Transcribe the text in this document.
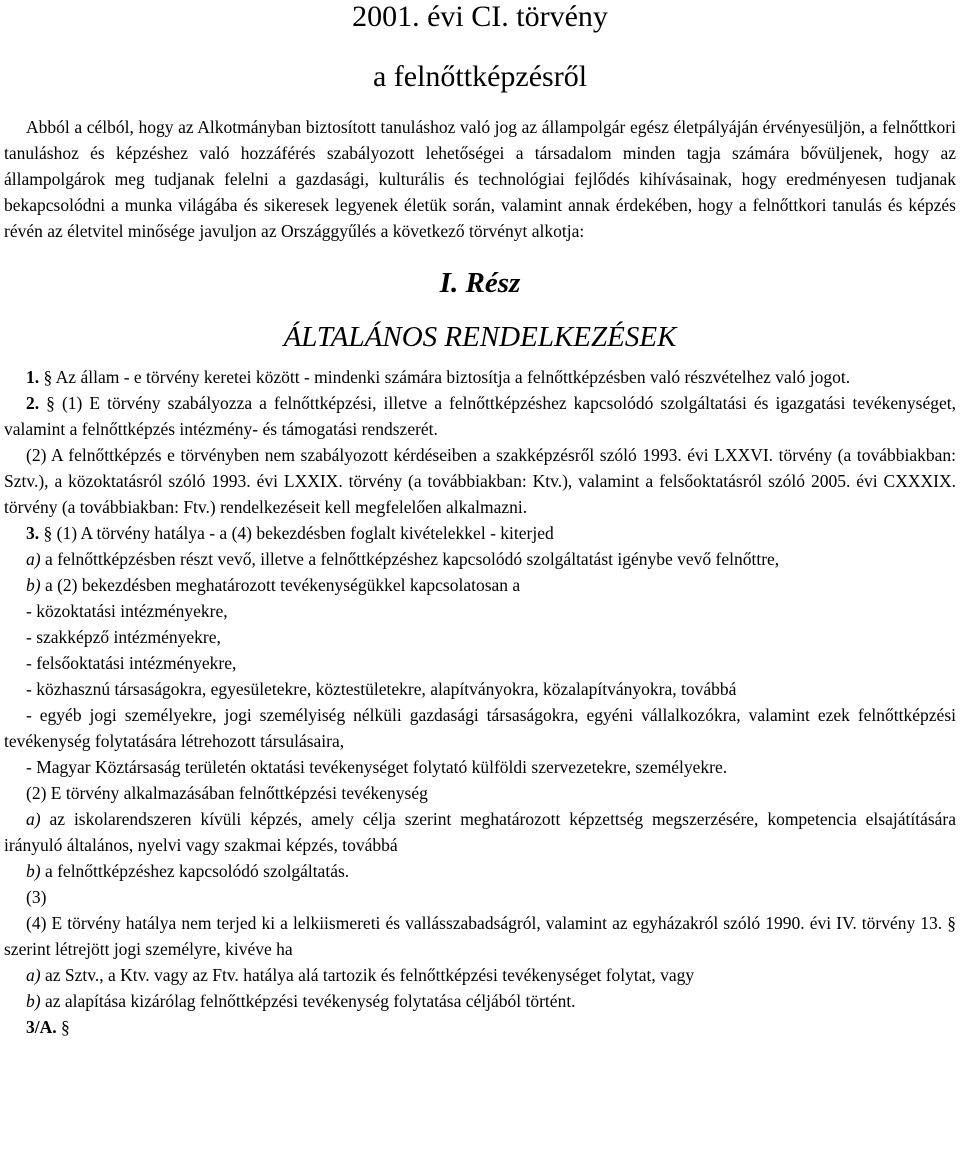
2001. évi CI. törvény
a felnőttképzésről

Abból a célból, hogy az Alkotmányban biztosított tanuláshoz való jog az állampolgár egész életpályáján érvényesüljön, a felnőttkori tanuláshoz és képzéshez való hozzáférés szabályozott lehetőségei a társadalom minden tagja számára bővüljenek, hogy az állampolgárok meg tudjanak felelni a gazdasági, kulturális és technológiai fejlődés kihívásainak, hogy eredményesen tudjanak bekapcsolódni a munka világába és sikeresek legyenek életük során, valamint annak érdekében, hogy a felnőttkori tanulás és képzés révén az életvitel minősége javuljon az Országgyűlés a következő törvényt alkotja:

I. Rész
ÁLTALÁNOS RENDELKEZÉSEK

1. § Az állam - e törvény keretei között - mindenki számára biztosítja a felnőttképzésben való részvételhez való jogot.

2. § (1) E törvény szabályozza a felnőttképzési, illetve a felnőttképzéshez kapcsolódó szolgáltatási és igazgatási tevékenységet, valamint a felnőttképzés intézmény- és támogatási rendszerét.

(2) A felnőttképzés e törvényben nem szabályozott kérdéseiben a szakképzésről szóló 1993. évi LXXVI. törvény (a továbbiakban: Sztv.), a közoktatásról szóló 1993. évi LXXIX. törvény (a továbbiakban: Ktv.), valamint a felsőoktatásról szóló 2005. évi CXXXIX. törvény (a továbbiakban: Ftv.) rendelkezéseit kell megfelelően alkalmazni.

3. § (1) A törvény hatálya - a (4) bekezdésben foglalt kivételekkel - kiterjed

a) a felnőttképzésben részt vevő, illetve a felnőttképzéshez kapcsolódó szolgáltatást igénybe vevő felnőttre,

b) a (2) bekezdésben meghatározott tevékenységükkel kapcsolatosan a

- közoktatási intézményekre,

- szakképző intézményekre,

- felsőoktatási intézményekre,

- közhasznú társaságokra, egyesületekre, köztestületekre, alapítványokra, közalapítványokra, továbbá

- egyéb jogi személyekre, jogi személyiség nélküli gazdasági társaságokra, egyéni vállalkozókra, valamint ezek felnőttképzési tevékenység folytatására létrehozott társulásaira,

- Magyar Köztársaság területén oktatási tevékenységet folytató külföldi szervezetekre, személyekre.

(2) E törvény alkalmazásában felnőttképzési tevékenység

a) az iskolarendszeren kívüli képzés, amely célja szerint meghatározott képzettség megszerzésére, kompetencia elsajátítására irányuló általános, nyelvi vagy szakmai képzés, továbbá

b) a felnőttképzéshez kapcsolódó szolgáltatás.

(3)

(4) E törvény hatálya nem terjed ki a lelkiismereti és vallásszabadságról, valamint az egyházakról szóló 1990. évi IV. törvény 13. § szerint létrejött jogi személyre, kivéve ha

a) az Sztv., a Ktv. vagy az Ftv. hatálya alá tartozik és felnőttképzési tevékenységet folytat, vagy

b) az alapítása kizárólag felnőttképzési tevékenység folytatása céljából történt.

3/A. §
